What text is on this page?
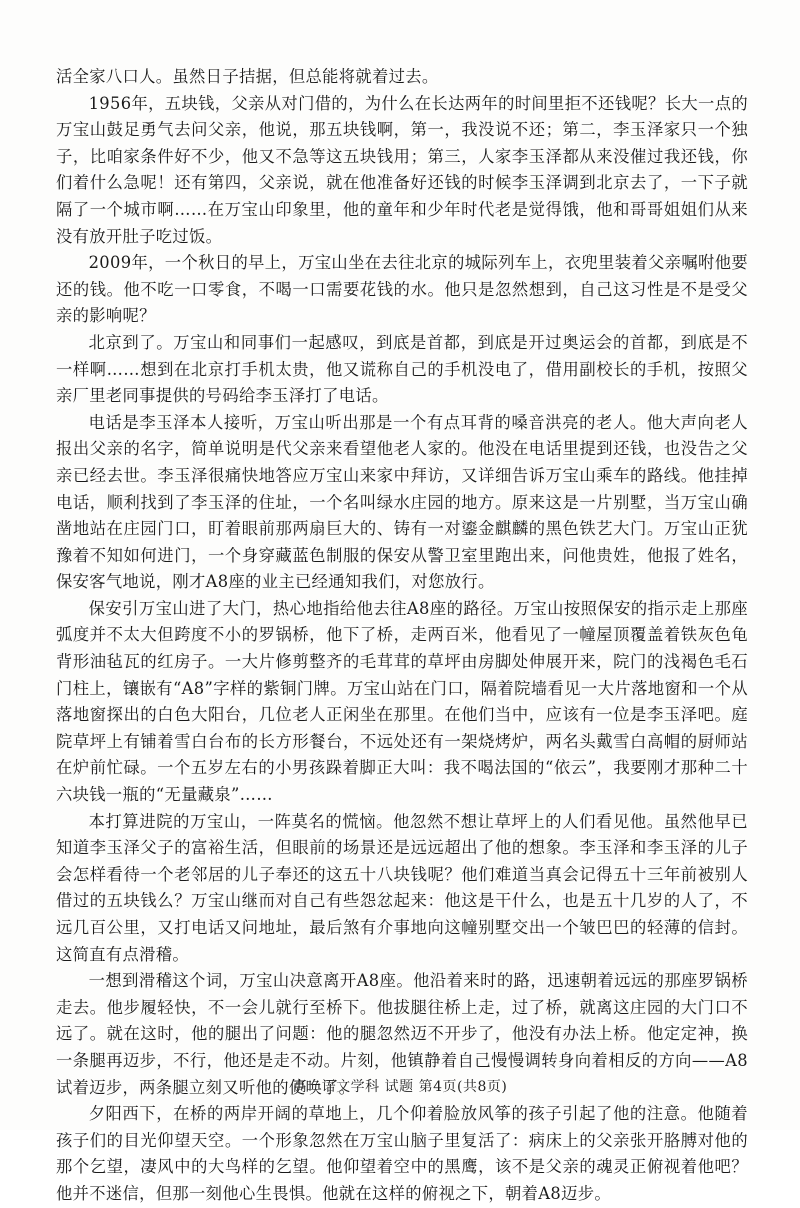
活全家八口人。虽然日子拮据，但总能将就着过去。

1956年，五块钱，父亲从对门借的，为什么在长达两年的时间里拒不还钱呢？长大一点的万宝山鼓足勇气去问父亲，他说，那五块钱啊，第一，我没说不还；第二，李玉泽家只一个独子，比咱家条件好不少，他又不急等这五块钱用；第三，人家李玉泽都从来没催过我还钱，你们着什么急呢！还有第四，父亲说，就在他准备好还钱的时候李玉泽调到北京去了，一下子就隔了一个城市啊……在万宝山印象里，他的童年和少年时代老是觉得饿，他和哥哥姐姐们从来没有放开肚子吃过饭。

2009年，一个秋日的早上，万宝山坐在去往北京的城际列车上，衣兜里装着父亲嘱咐他要还的钱。他不吃一口零食，不喝一口需要花钱的水。他只是忽然想到，自己这习性是不是受父亲的影响呢？

北京到了。万宝山和同事们一起感叹，到底是首都，到底是开过奥运会的首都，到底是不一样啊……想到在北京打手机太贵，他又谎称自己的手机没电了，借用副校长的手机，按照父亲厂里老同事提供的号码给李玉泽打了电话。

电话是李玉泽本人接听，万宝山听出那是一个有点耳背的嗓音洪亮的老人。他大声向老人报出父亲的名字，简单说明是代父亲来看望他老人家的。他没在电话里提到还钱，也没告之父亲已经去世。李玉泽很痛快地答应万宝山来家中拜访，又详细告诉万宝山乘车的路线。他挂掉电话，顺利找到了李玉泽的住址，一个名叫绿水庄园的地方。原来这是一片别墅，当万宝山确凿地站在庄园门口，盯着眼前那两扇巨大的、铸有一对鎏金麒麟的黑色铁艺大门。万宝山正犹豫着不知如何进门，一个身穿藏蓝色制服的保安从警卫室里跑出来，问他贵姓，他报了姓名，保安客气地说，刚才A8座的业主已经通知我们，对您放行。

保安引万宝山进了大门，热心地指给他去往A8座的路径。万宝山按照保安的指示走上那座弧度并不太大但跨度不小的罗锅桥，他下了桥，走两百米，他看见了一幢屋顶覆盖着铁灰色龟背形油毡瓦的红房子。一大片修剪整齐的毛茸茸的草坪由房脚处伸展开来，院门的浅褐色毛石门柱上，镶嵌有“A8”字样的紫铜门牌。万宝山站在门口，隔着院墙看见一大片落地窗和一个从落地窗探出的白色大阳台，几位老人正闲坐在那里。在他们当中，应该有一位是李玉泽吧。庭院草坪上有铺着雪白台布的长方形餐台，不远处还有一架烧烤炉，两名头戴雪白高帽的厨师站在炉前忙碌。一个五岁左右的小男孩跺着脚正大叫：我不喝法国的“依云”，我要刚才那种二十六块钱一瓶的“无量藏泉”……

本打算进院的万宝山，一阵莫名的慌恼。他忽然不想让草坪上的人们看见他。虽然他早已知道李玉泽父子的富裕生活，但眼前的场景还是远远超出了他的想象。李玉泽和李玉泽的儿子会怎样看待一个老邻居的儿子奉还的这五十八块钱呢？他们难道当真会记得五十三年前被别人借过的五块钱么？万宝山继而对自己有些怨忿起来：他这是干什么，也是五十几岁的人了，不远几百公里，又打电话又问地址，最后煞有介事地向这幢别墅交出一个皱巴巴的轻薄的信封。这简直有点滑稽。

一想到滑稽这个词，万宝山决意离开A8座。他沿着来时的路，迅速朝着远远的那座罗锅桥走去。他步履轻快，不一会儿就行至桥下。他拔腿往桥上走，过了桥，就离这庄园的大门口不远了。就在这时，他的腿出了问题：他的腿忽然迈不开步了，他没有办法上桥。他定定神，换一条腿再迈步，不行，他还是走不动。片刻，他镇静着自己慢慢调转身向着相反的方向——A8试着迈步，两条腿立刻又听他的使唤了。

夕阳西下，在桥的两岸开阔的草地上，几个仰着脸放风筝的孩子引起了他的注意。他随着孩子们的目光仰望天空。一个形象忽然在万宝山脑子里复活了：病床上的父亲张开胳膊对他的那个乞望，凄风中的大鸟样的乞望。他仰望着空中的黑鹰，该不是父亲的魂灵正俯视着他吧？他并不迷信，但那一刻他心生畏惧。他就在这样的俯视之下，朝着A8迈步。

高一语文学科 试题 第4页(共8页)
